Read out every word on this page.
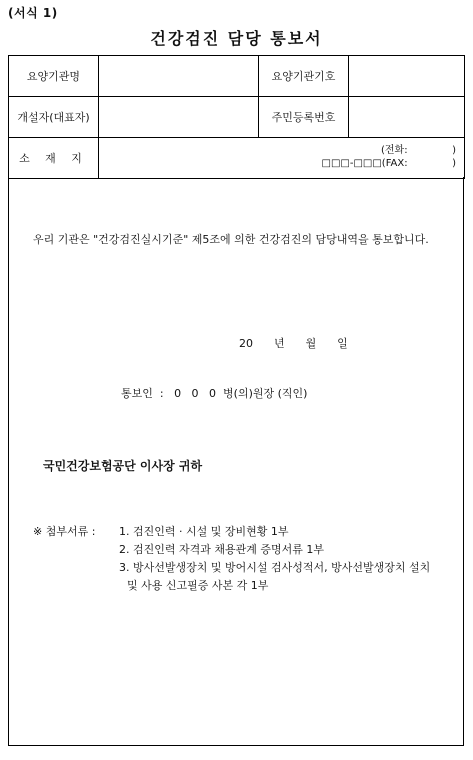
(서식 1)
건강검진 담당 통보서
요양기관명		요양기관기호	
개설자(대표자)		주민등록번호	
소 재 지	(전화:              )
□□□-□□□(FAX:              )		
우리 기관은 "건강검진실시기준" 제5조에 의한 건강검진의 담당내역을 통보합니다.
20      년      월      일
통보인  :   0   0   0  병(의)원장 (직인)
국민건강보험공단 이사장 귀하
※ 첨부서류 : 1. 검진인력 · 시설 및 장비현황 1부
2. 검진인력 자격과 채용관계 증명서류 1부
3. 방사선발생장치 및 방어시설 검사성적서, 방사선발생장치 설치
및 사용 신고필증 사본 각 1부
